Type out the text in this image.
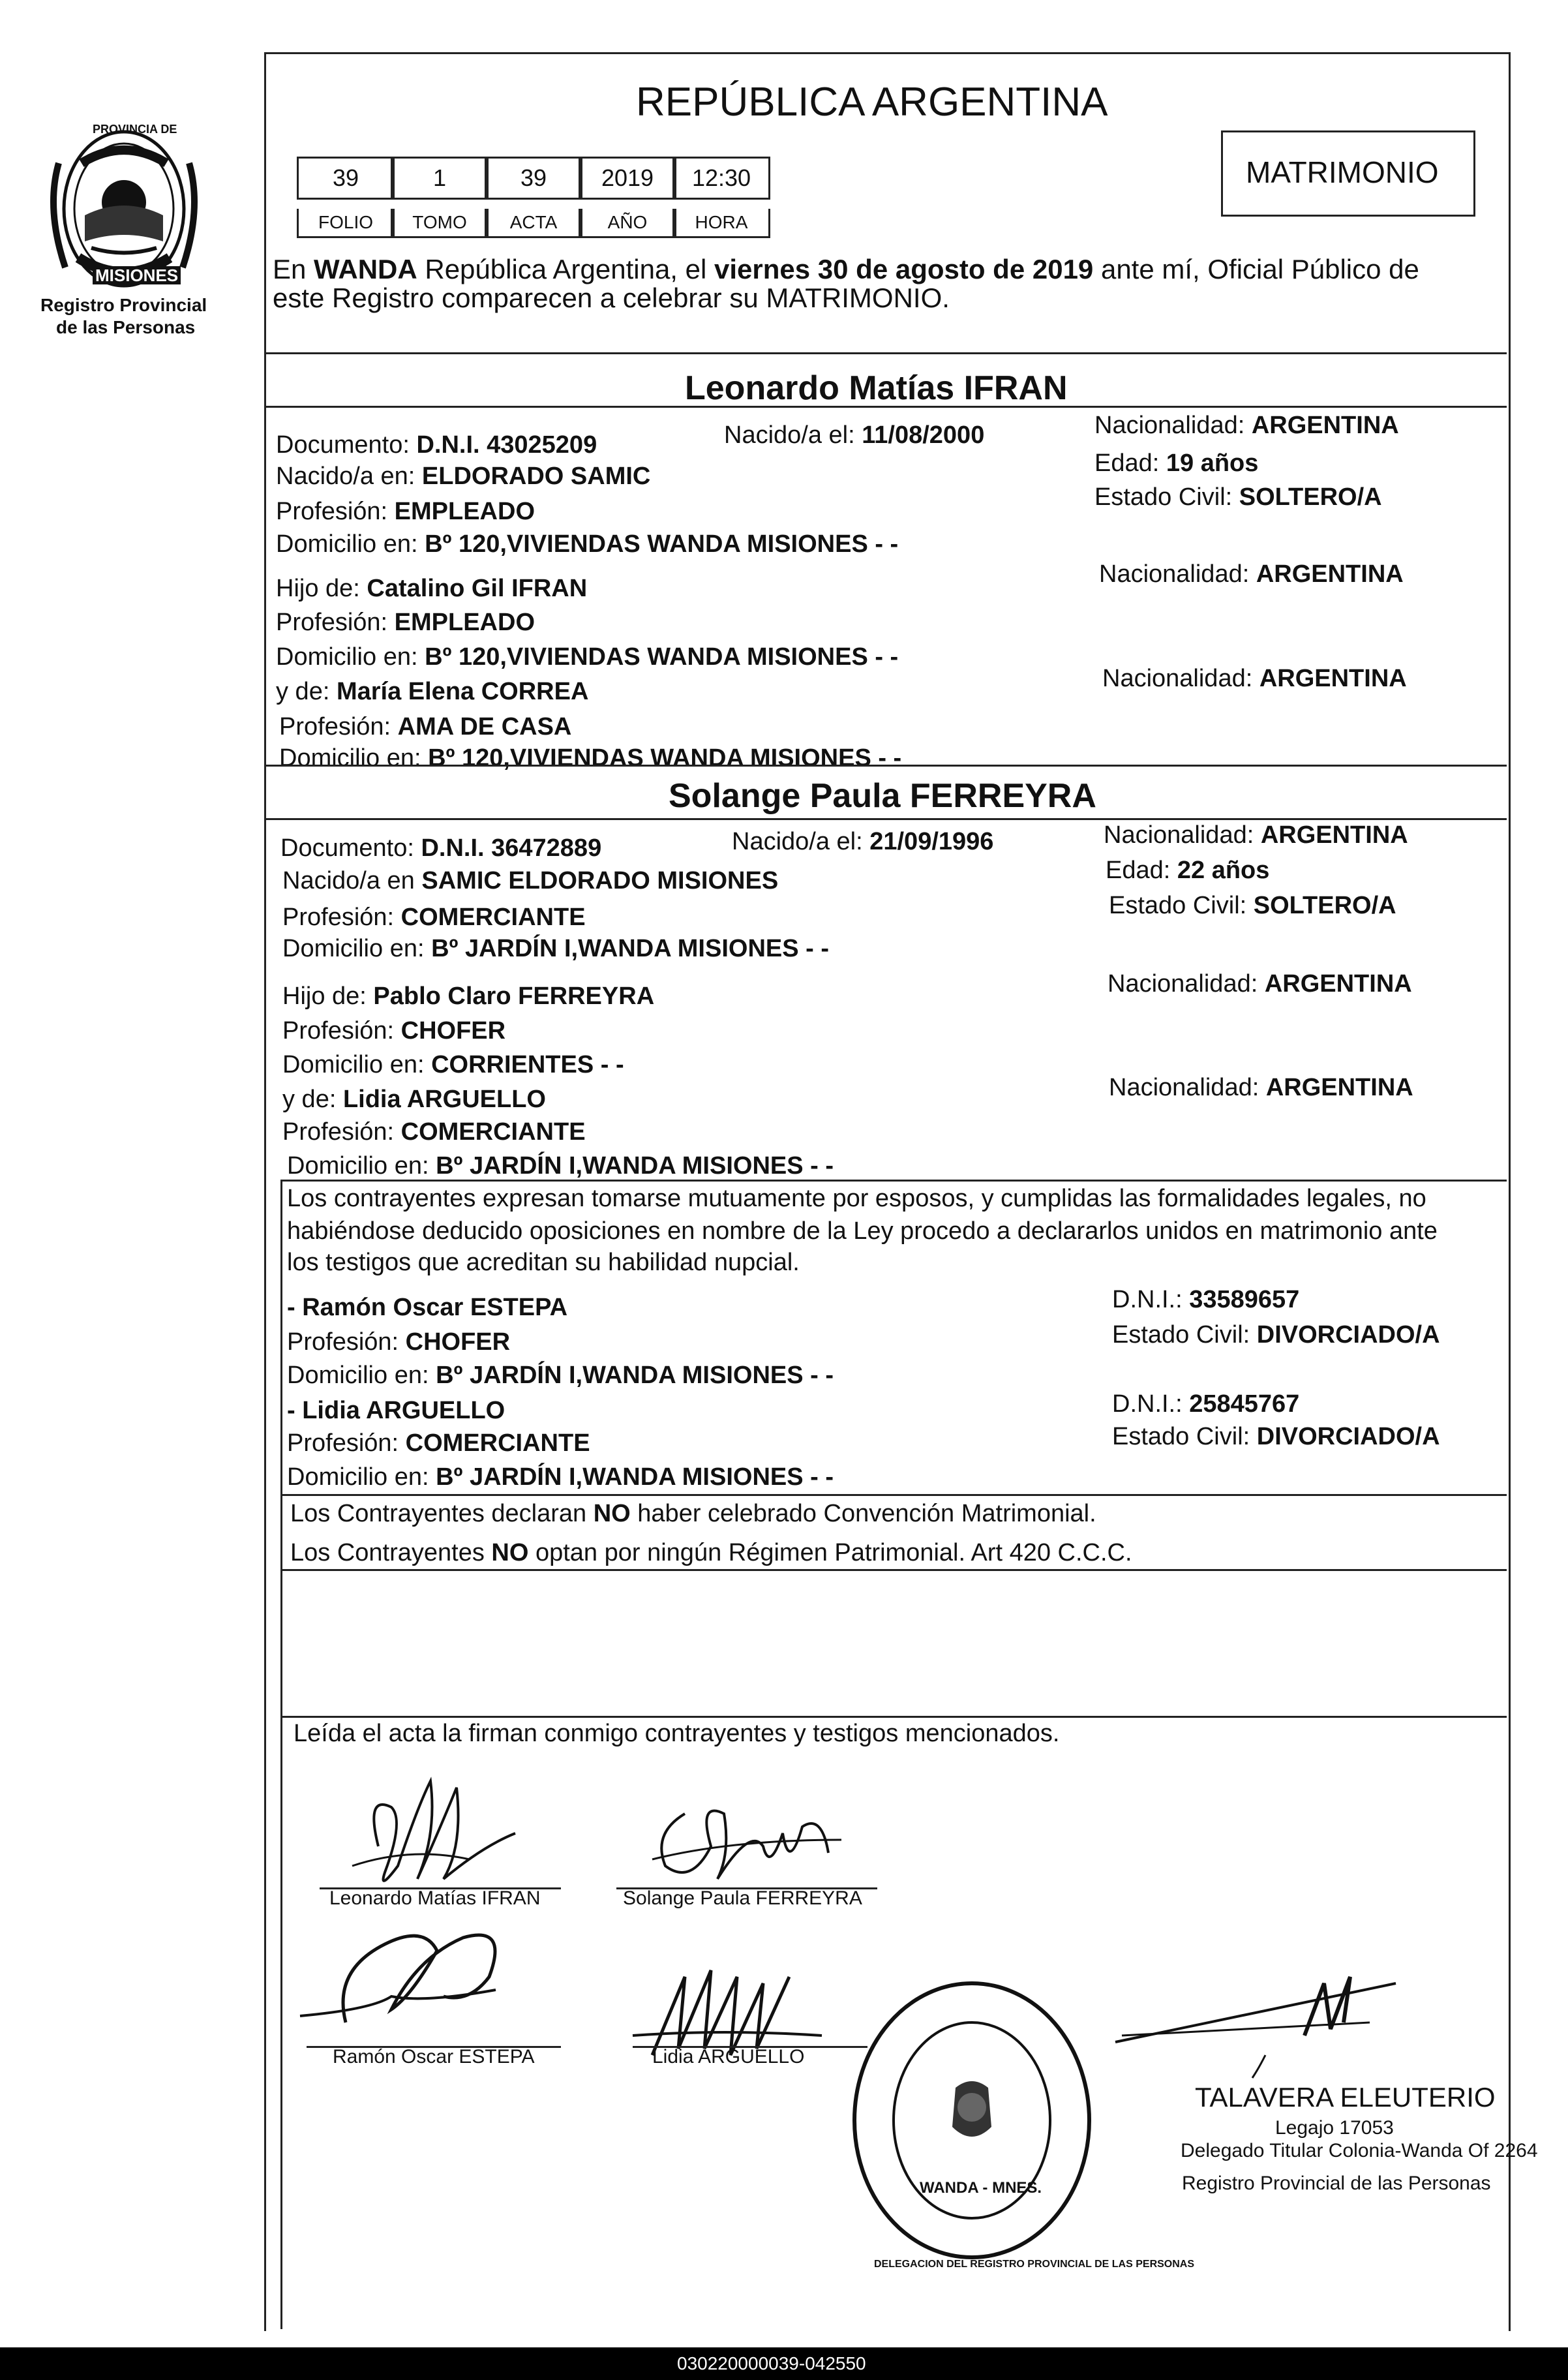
PROVINCIA DE
MISIONES
Registro Provincial
de las Personas
REPÚBLICA ARGENTINA
MATRIMONIO
39	1	39	2019	12:30
FOLIO	TOMO	ACTA	AÑO	HORA
En WANDA República Argentina, el viernes 30 de agosto de 2019 ante mí, Oficial Público de
este Registro comparecen a celebrar su MATRIMONIO.
Leonardo Matías IFRAN
Documento: D.N.I. 43025209	Nacido/a el: 11/08/2000	Nacionalidad: ARGENTINA
Nacido/a en: ELDORADO SAMIC	Edad: 19 años
Profesión: EMPLEADO
Estado Civil: SOLTERO/A
Domicilio en: Bº 120,VIVIENDAS WANDA MISIONES - -
Hijo de: Catalino Gil IFRAN
Nacionalidad: ARGENTINA
Profesión: EMPLEADO
Domicilio en: Bº 120,VIVIENDAS WANDA MISIONES - -
y de: María Elena CORREA	Nacionalidad: ARGENTINA
Profesión: AMA DE CASA
Domicilio en: Bº 120,VIVIENDAS WANDA MISIONES - -
Solange Paula FERREYRA
Documento: D.N.I. 36472889	Nacido/a el: 21/09/1996	Nacionalidad: ARGENTINA
Nacido/a en SAMIC ELDORADO MISIONES	Edad: 22 años
Profesión: COMERCIANTE	Estado Civil: SOLTERO/A
Domicilio en: Bº JARDÍN I,WANDA MISIONES - -
Hijo de: Pablo Claro FERREYRA	Nacionalidad: ARGENTINA
Profesión: CHOFER
Domicilio en: CORRIENTES - -
y de: Lidia ARGUELLO	Nacionalidad: ARGENTINA
Profesión: COMERCIANTE
Domicilio en: Bº JARDÍN I,WANDA MISIONES - -
Los contrayentes expresan tomarse mutuamente por esposos, y cumplidas las formalidades legales, no
habiéndose deducido oposiciones en nombre de la Ley procedo a declararlos unidos en matrimonio ante
los testigos que acreditan su habilidad nupcial.
- Ramón Oscar ESTEPA	D.N.I.: 33589657
Profesión: CHOFER	Estado Civil: DIVORCIADO/A
Domicilio en: Bº JARDÍN I,WANDA MISIONES - -
- Lidia ARGUELLO	D.N.I.: 25845767
Profesión: COMERCIANTE	Estado Civil: DIVORCIADO/A
Domicilio en: Bº JARDÍN I,WANDA MISIONES - -
Los Contrayentes declaran NO haber celebrado Convención Matrimonial.
Los Contrayentes NO optan por ningún Régimen Patrimonial. Art 420 C.C.C.
Leída el acta la firman conmigo contrayentes y testigos mencionados.
Leonardo Matías IFRAN	Solange Paula FERREYRA
Ramón Oscar ESTEPA	Lidia ARGUELLO
DELEGACION DEL REGISTRO PROVINCIAL DE LAS PERSONAS
WANDA - MNES.
TALAVERA ELEUTERIO
Legajo 17053
Delegado Titular Colonia-Wanda Of 2264
Registro Provincial de las Personas
030220000039-042550
